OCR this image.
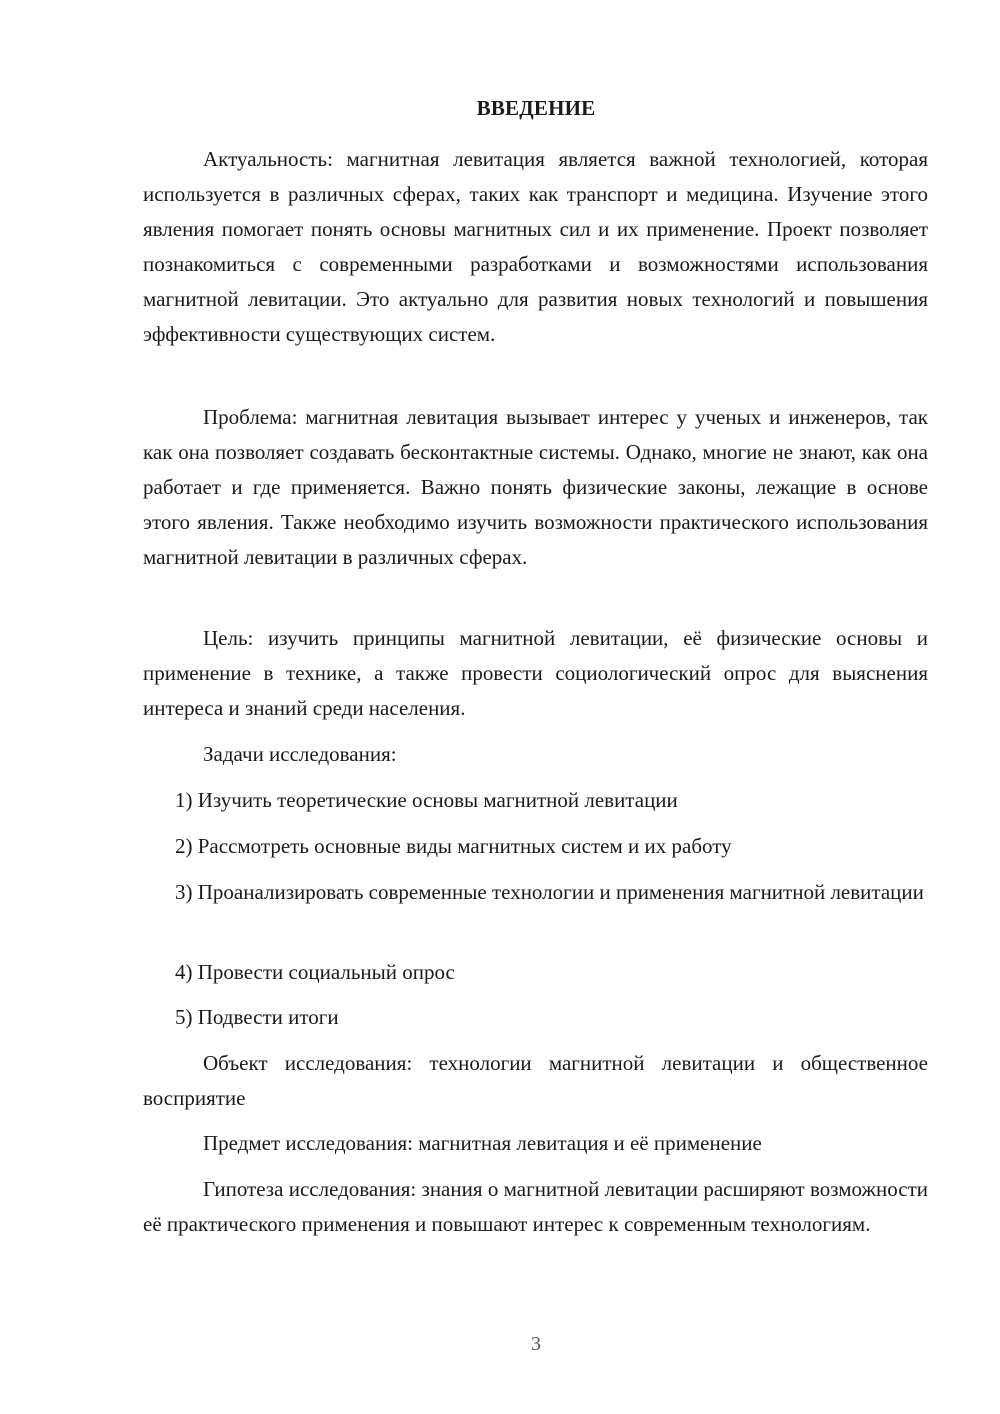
ВВЕДЕНИЕ

Актуальность: магнитная левитация является важной технологией, которая используется в различных сферах, таких как транспорт и медицина. Изучение этого явления помогает понять основы магнитных сил и их применение. Проект позволяет познакомиться с современными разработками и возможностями использования магнитной левитации. Это актуально для развития новых технологий и повышения эффективности существующих систем.

Проблема: магнитная левитация вызывает интерес у ученых и инженеров, так как она позволяет создавать бесконтактные системы. Однако, многие не знают, как она работает и где применяется. Важно понять физические законы, лежащие в основе этого явления. Также необходимо изучить возможности практического использования магнитной левитации в различных сферах.

Цель: изучить принципы магнитной левитации, её физические основы и применение в технике, а также провести социологический опрос для выяснения интереса и знаний среди населения.

Задачи исследования:

1) Изучить теоретические основы магнитной левитации

2) Рассмотреть основные виды магнитных систем и их работу

3) Проанализировать современные технологии и применения магнитной левитации

4) Провести социальный опрос

5) Подвести итоги

Объект исследования: технологии магнитной левитации и общественное восприятие

Предмет исследования: магнитная левитация и её применение

Гипотеза исследования: знания о магнитной левитации расширяют возможности её практического применения и повышают интерес к современным технологиям.

3
